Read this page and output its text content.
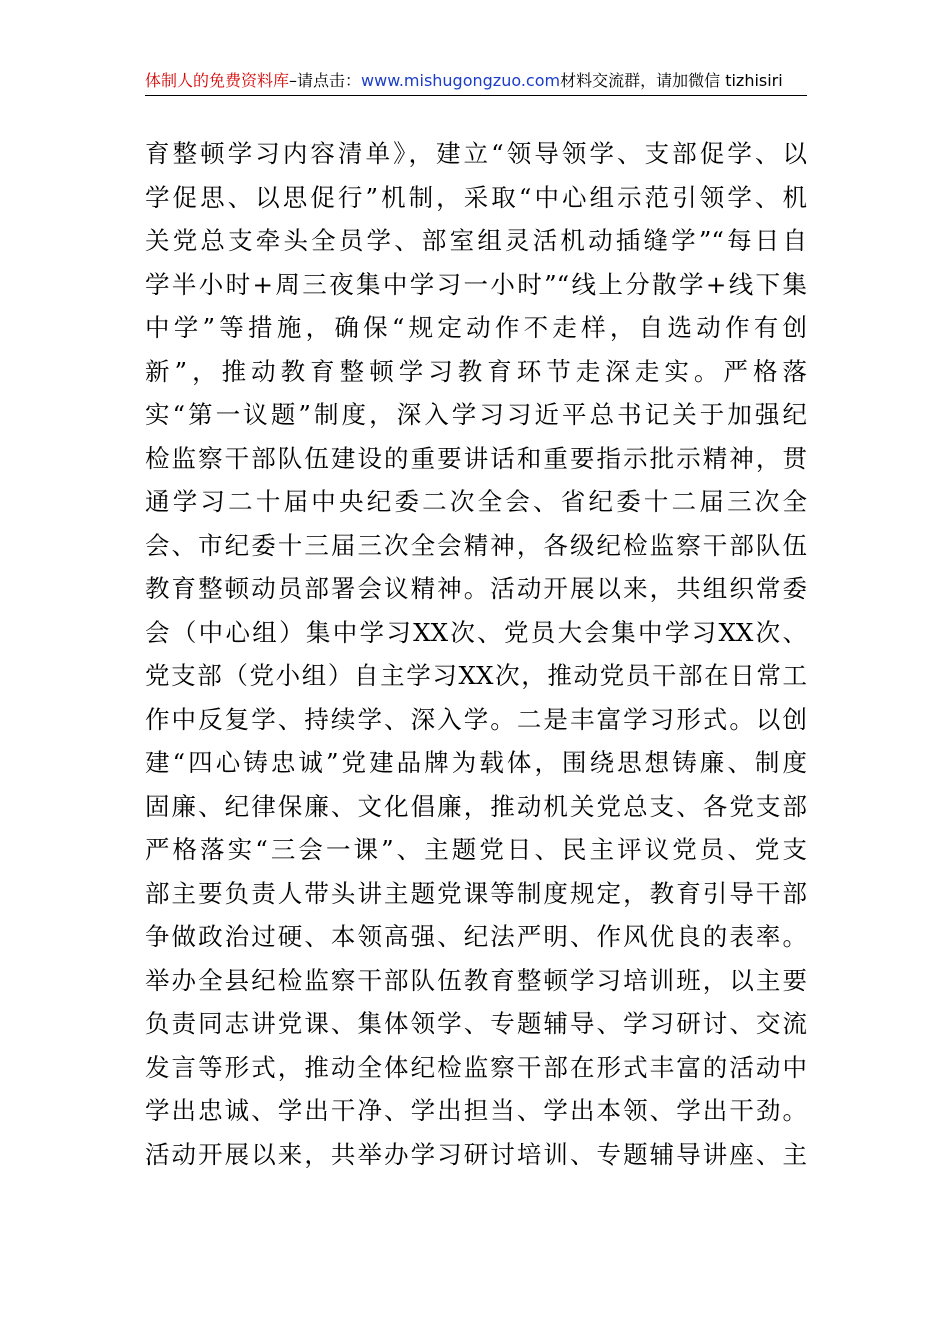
体制人的免费资料库–请点击：www.mishugongzuo.com材料交流群，请加微信 tizhisiri
育整顿学习内容清单》，建立“领导领学、支部促学、以
学促思、以思促行”机制，采取“中心组示范引领学、机
关党总支牵头全员学、部室组灵活机动插缝学”“每日自
学半小时+周三夜集中学习一小时”“线上分散学+线下集
中学”等措施，确保“规定动作不走样，自选动作有创
新”，推动教育整顿学习教育环节走深走实。严格落
实“第一议题”制度，深入学习习近平总书记关于加强纪
检监察干部队伍建设的重要讲话和重要指示批示精神，贯
通学习二十届中央纪委二次全会、省纪委十二届三次全
会、市纪委十三届三次全会精神，各级纪检监察干部队伍
教育整顿动员部署会议精神。活动开展以来，共组织常委
会（中心组）集中学习XX次、党员大会集中学习XX次、
党支部（党小组）自主学习XX次，推动党员干部在日常工
作中反复学、持续学、深入学。二是丰富学习形式。以创
建“四心铸忠诚”党建品牌为载体，围绕思想铸廉、制度
固廉、纪律保廉、文化倡廉，推动机关党总支、各党支部
严格落实“三会一课”、主题党日、民主评议党员、党支
部主要负责人带头讲主题党课等制度规定，教育引导干部
争做政治过硬、本领高强、纪法严明、作风优良的表率。
举办全县纪检监察干部队伍教育整顿学习培训班，以主要
负责同志讲党课、集体领学、专题辅导、学习研讨、交流
发言等形式，推动全体纪检监察干部在形式丰富的活动中
学出忠诚、学出干净、学出担当、学出本领、学出干劲。
活动开展以来，共举办学习研讨培训、专题辅导讲座、主
